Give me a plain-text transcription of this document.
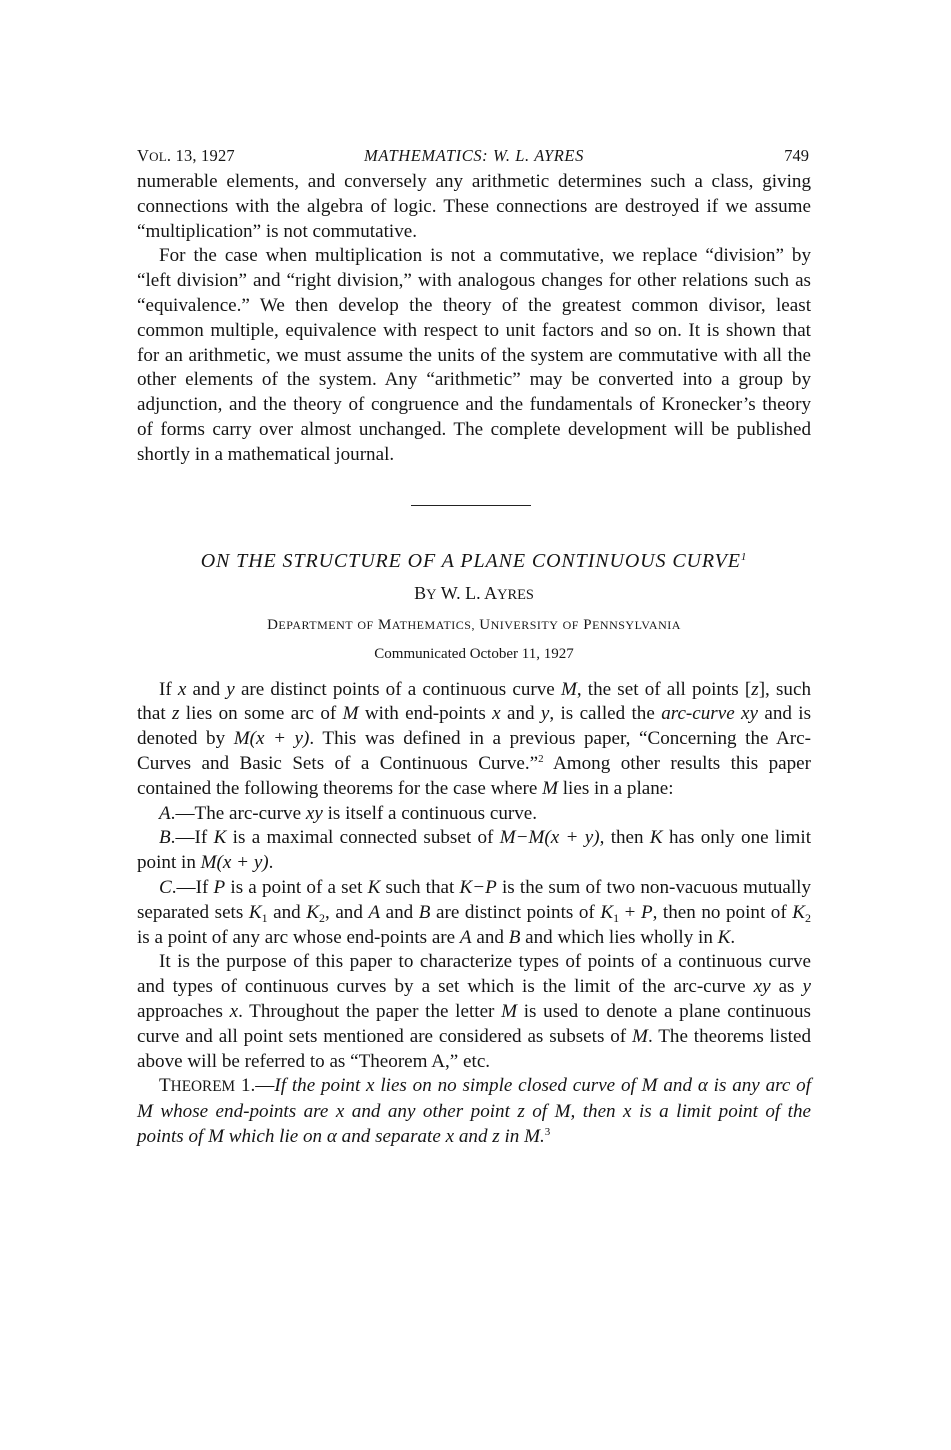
VOL. 13, 1927	MATHEMATICS: W. L. AYRES	749

numerable elements, and conversely any arithmetic determines such a class, giving connections with the algebra of logic. These connections are destroyed if we assume “multiplication” is not commutative.

For the case when multiplication is not a commutative, we replace “division” by “left division” and “right division,” with analogous changes for other relations such as “equivalence.” We then develop the theory of the greatest common divisor, least common multiple, equivalence with respect to unit factors and so on. It is shown that for an arithmetic, we must assume the units of the system are commutative with all the other elements of the system. Any “arithmetic” may be converted into a group by adjunction, and the theory of congruence and the fundamentals of Kronecker’s theory of forms carry over almost unchanged. The complete development will be published shortly in a mathematical journal.

ON THE STRUCTURE OF A PLANE CONTINUOUS CURVE$^1$
BY W. L. AYRES
DEPARTMENT OF MATHEMATICS, UNIVERSITY OF PENNSYLVANIA
Communicated October 11, 1927

If x and y are distinct points of a continuous curve M, the set of all points [z], such that z lies on some arc of M with end-points x and y, is called the arc-curve xy and is denoted by M(x + y). This was defined in a previous paper, “Concerning the Arc-Curves and Basic Sets of a Continuous Curve.”$^2$ Among other results this paper contained the following theorems for the case where M lies in a plane:

A.—The arc-curve xy is itself a continuous curve.

B.—If K is a maximal connected subset of M−M(x + y), then K has only one limit point in M(x + y).

C.—If P is a point of a set K such that K−P is the sum of two non-vacuous mutually separated sets $K_1$ and $K_2$, and A and B are distinct points of $K_1 + P$, then no point of $K_2$ is a point of any arc whose end-points are A and B and which lies wholly in K.

It is the purpose of this paper to characterize types of points of a continuous curve and types of continuous curves by a set which is the limit of the arc-curve xy as y approaches x. Throughout the paper the letter M is used to denote a plane continuous curve and all point sets mentioned are considered as subsets of M. The theorems listed above will be referred to as “Theorem A,” etc.

THEOREM 1.—If the point x lies on no simple closed curve of M and α is any arc of M whose end-points are x and any other point z of M, then x is a limit point of the points of M which lie on α and separate x and z in M.$^3$
